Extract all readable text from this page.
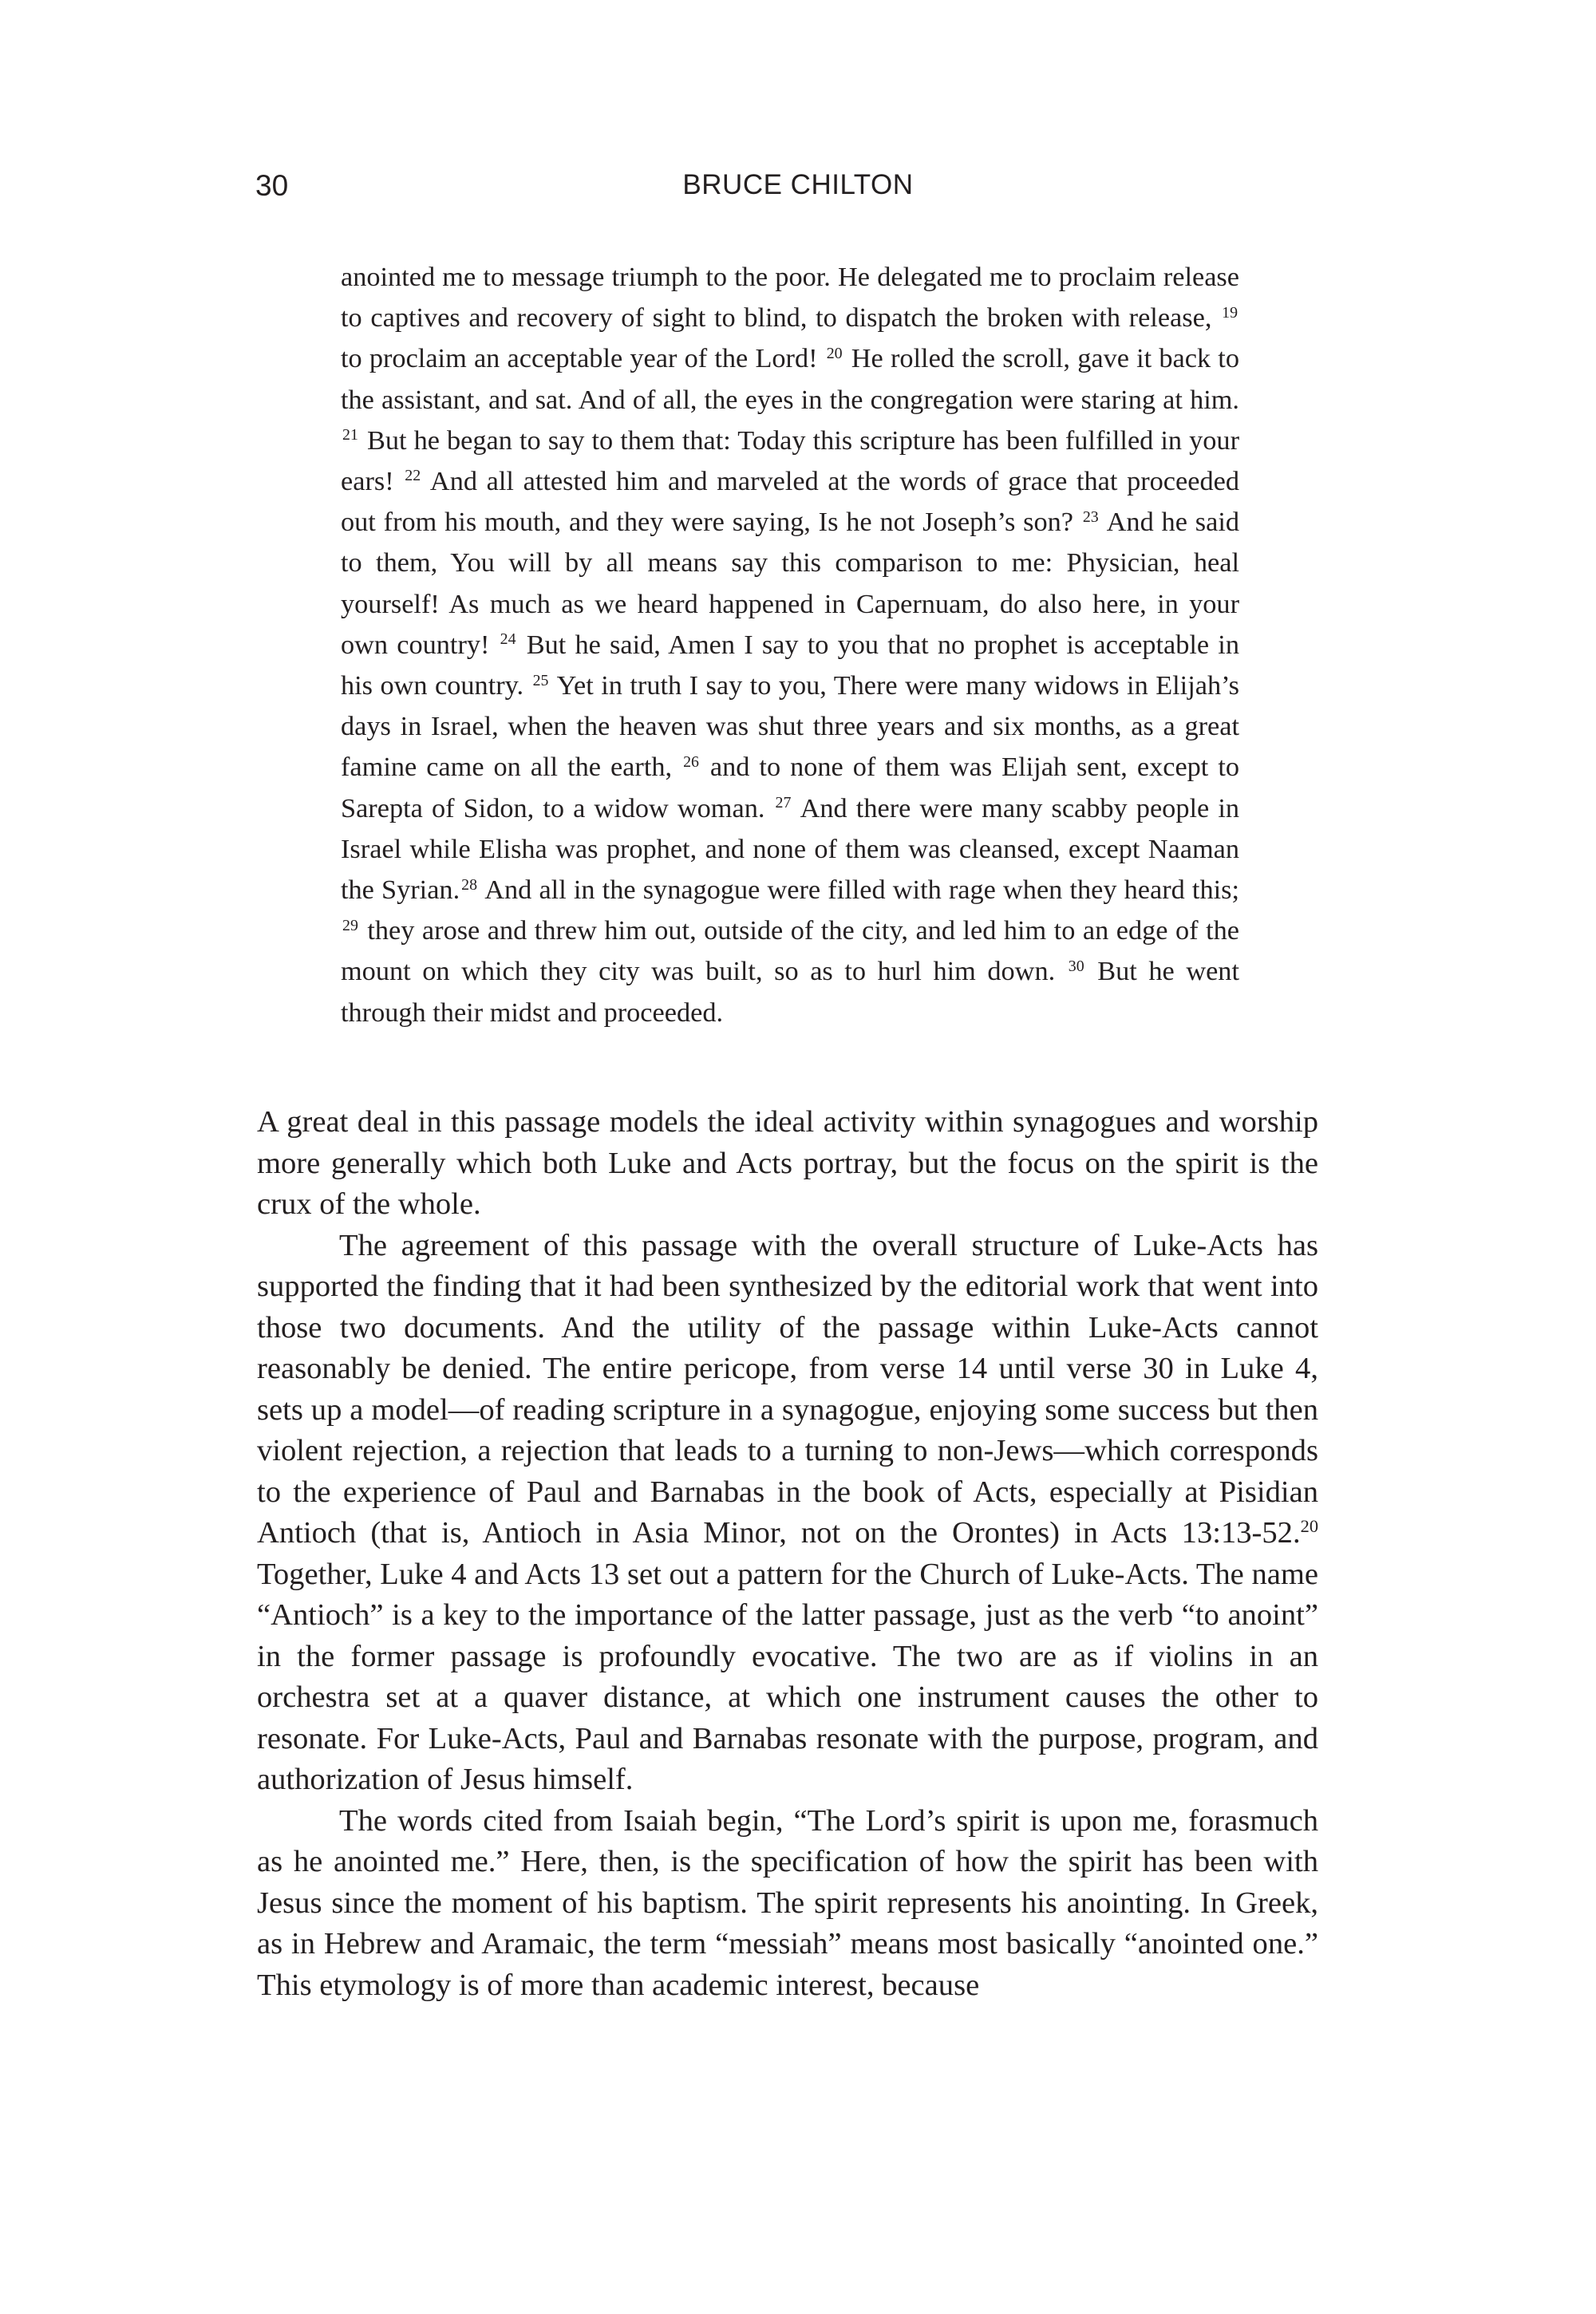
30	BRUCE CHILTON

anointed me to message triumph to the poor. He delegated me to proclaim release to captives and recovery of sight to blind, to dispatch the broken with release, $^{19}$ to proclaim an acceptable year of the Lord! $^{20}$ He rolled the scroll, gave it back to the assistant, and sat. And of all, the eyes in the congregation were staring at him. $^{21}$ But he began to say to them that: Today this scripture has been fulfilled in your ears! $^{22}$ And all attested him and marveled at the words of grace that proceeded out from his mouth, and they were saying, Is he not Joseph’s son? $^{23}$ And he said to them, You will by all means say this comparison to me: Physician, heal yourself! As much as we heard happened in Capernuam, do also here, in your own country! $^{24}$ But he said, Amen I say to you that no prophet is acceptable in his own country. $^{25}$ Yet in truth I say to you, There were many widows in Elijah’s days in Israel, when the heaven was shut three years and six months, as a great famine came on all the earth, $^{26}$ and to none of them was Elijah sent, except to Sarepta of Sidon, to a widow woman. $^{27}$ And there were many scabby people in Israel while Elisha was prophet, and none of them was cleansed, except Naaman the Syrian. $^{28}$ And all in the synagogue were filled with rage when they heard this; $^{29}$ they arose and threw him out, outside of the city, and led him to an edge of the mount on which they city was built, so as to hurl him down. $^{30}$ But he went through their midst and proceeded.

A great deal in this passage models the ideal activity within synagogues and worship more generally which both Luke and Acts portray, but the focus on the spirit is the crux of the whole.

The agreement of this passage with the overall structure of Luke-Acts has supported the finding that it had been synthesized by the editorial work that went into those two documents. And the utility of the passage within Luke-Acts cannot reasonably be denied. The entire pericope, from verse 14 until verse 30 in Luke 4, sets up a model—of reading scripture in a synagogue, enjoying some success but then violent rejection, a rejection that leads to a turning to non-Jews—which corresponds to the experience of Paul and Barnabas in the book of Acts, especially at Pisidian Antioch (that is, Antioch in Asia Minor, not on the Orontes) in Acts 13:13-52.20 Together, Luke 4 and Acts 13 set out a pattern for the Church of Luke-Acts. The name “Antioch” is a key to the importance of the latter passage, just as the verb “to anoint” in the former passage is profoundly evocative. The two are as if violins in an orchestra set at a quaver distance, at which one instrument causes the other to resonate. For Luke-Acts, Paul and Barnabas resonate with the purpose, program, and authorization of Jesus himself.

The words cited from Isaiah begin, “The Lord’s spirit is upon me, forasmuch as he anointed me.” Here, then, is the specification of how the spirit has been with Jesus since the moment of his baptism. The spirit represents his anointing. In Greek, as in Hebrew and Aramaic, the term “messiah” means most basically “anointed one.” This etymology is of more than academic interest, because
